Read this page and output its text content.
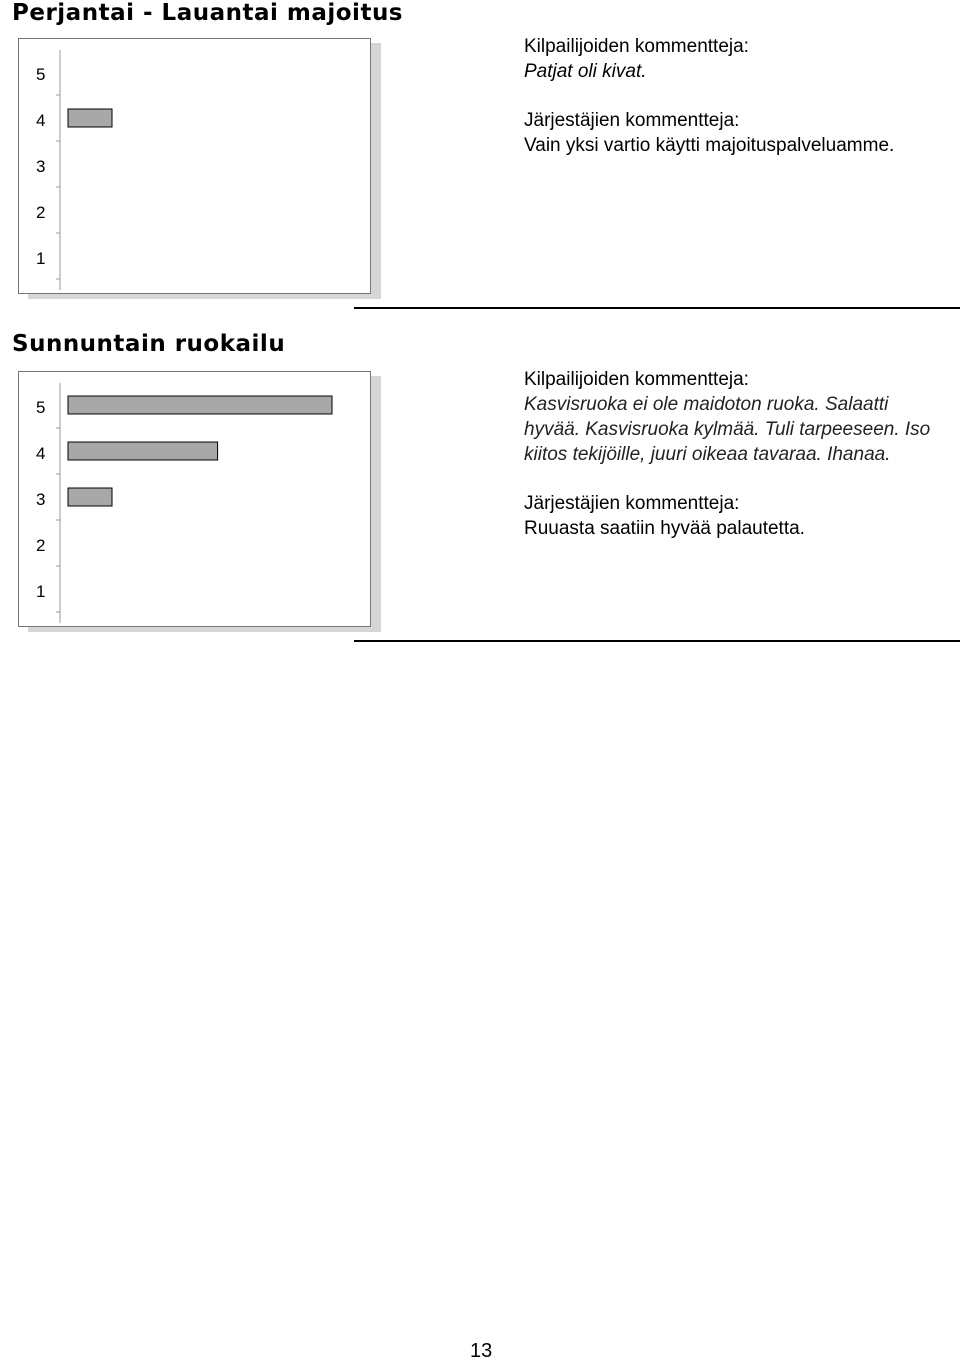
Perjantai - Lauantai majoitus
5
4
3
2
1

Kilpailijoiden kommentteja:

Patjat oli kivat.

Järjestäjien kommentteja:

Vain yksi vartio käytti majoituspalveluamme.

Sunnuntain ruokailu
5
4
3
2
1

Kilpailijoiden kommentteja:

Kasvisruoka ei ole maidoton ruoka. Salaatti hyvää. Kasvisruoka kylmää. Tuli tarpeeseen. Iso kiitos tekijöille, juuri oikeaa tavaraa. Ihanaa.

Järjestäjien kommentteja:

Ruuasta saatiin hyvää palautetta.

13
